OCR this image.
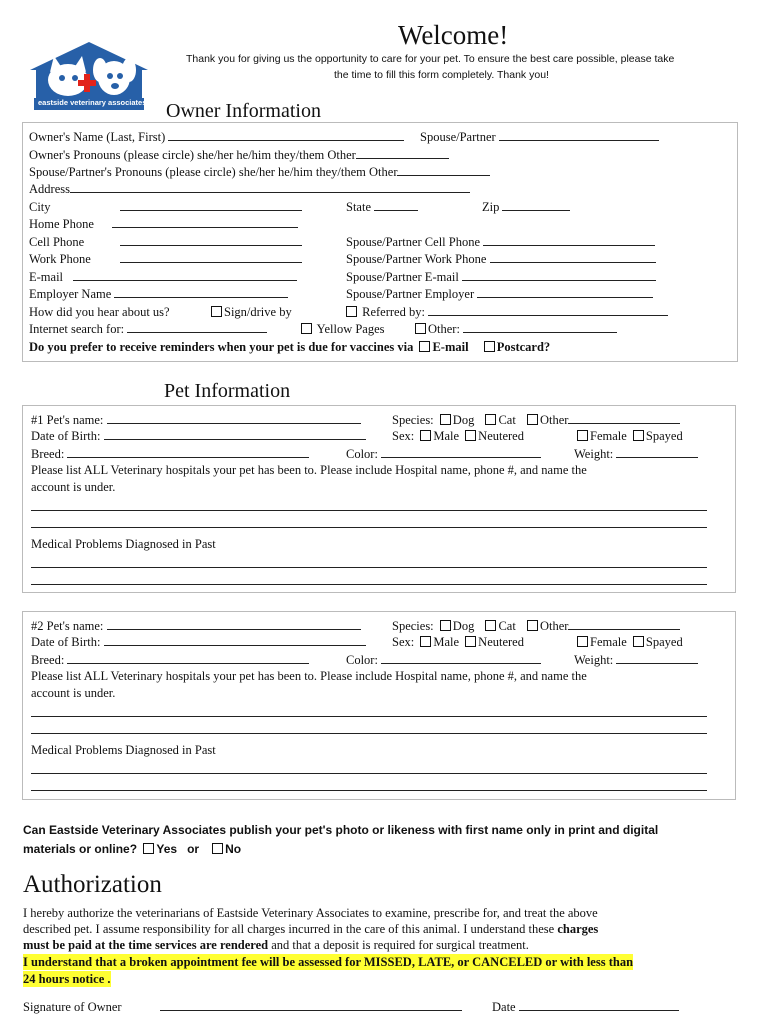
eastside veterinary associates
Welcome!
Thank you for giving us the opportunity to care for your pet. To ensure the best care possible, please take
the time to fill this form completely. Thank you!
Owner Information
Owner's Name (Last, First)	Spouse/Partner
Owner's Pronouns (please circle) she/her he/him they/them Other
Spouse/Partner's Pronouns (please circle) she/her he/him they/them Other
Address
City	State	Zip
Home Phone
Cell Phone	Spouse/Partner Cell Phone
Work Phone	Spouse/Partner Work Phone
E-mail	Spouse/Partner E-mail
Employer Name	Spouse/Partner Employer
How did you hear about us?	Sign/drive by	Referred by:
Internet search for:	Yellow Pages	Other:
Do you prefer to receive reminders when your pet is due for vaccines via E-mail Postcard?
Pet Information
#1 Pet's name:	Species: Dog Cat Other
Date of Birth:	Sex: Male Neutered	Female Spayed
Breed:	Color:	Weight:
Please list ALL Veterinary hospitals your pet has been to. Please include Hospital name, phone #, and name the
account is under.
Medical Problems Diagnosed in Past
#2 Pet's name:	Species: Dog Cat Other
Date of Birth:	Sex: Male Neutered	Female Spayed
Breed:	Color:	Weight:
Please list ALL Veterinary hospitals your pet has been to. Please include Hospital name, phone #, and name the
account is under.
Medical Problems Diagnosed in Past
Can Eastside Veterinary Associates publish your pet's photo or likeness with first name only in print and digital
materials or online? Yes or No
Authorization
I hereby authorize the veterinarians of Eastside Veterinary Associates to examine, prescribe for, and treat the above
described pet. I assume responsibility for all charges incurred in the care of this animal. I understand these charges
must be paid at the time services are rendered and that a deposit is required for surgical treatment.
I understand that a broken appointment fee will be assessed for MISSED, LATE, or CANCELED or with less than
24 hours notice .
Signature of Owner	Date
